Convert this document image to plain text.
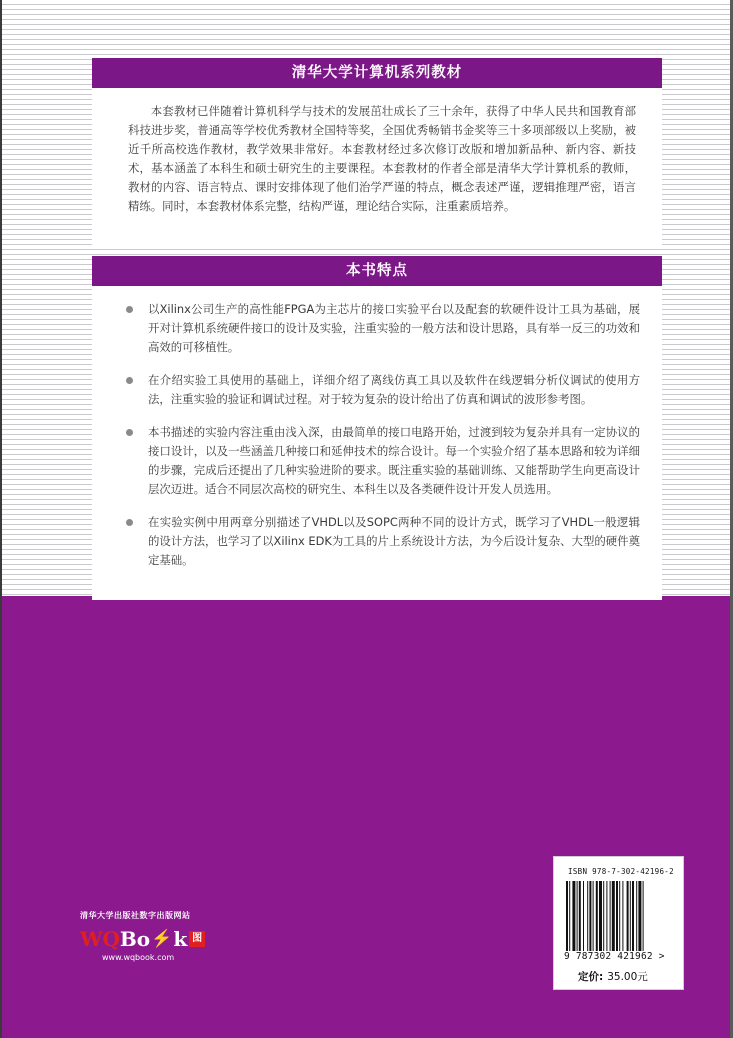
清华大学计算机系列教材

本套教材已伴随着计算机科学与技术的发展茁壮成长了三十余年，获得了中华人民共和国教育部科技进步奖，普通高等学校优秀教材全国特等奖，全国优秀畅销书金奖等三十多项部级以上奖励，被近千所高校选作教材，教学效果非常好。本套教材经过多次修订改版和增加新品种、新内容、新技术，基本涵盖了本科生和硕士研究生的主要课程。本套教材的作者全部是清华大学计算机系的教师，教材的内容、语言特点、课时安排体现了他们治学严谨的特点，概念表述严谨，逻辑推理严密，语言精练。同时，本套教材体系完整，结构严谨，理论结合实际，注重素质培养。

本书特点
以Xilinx公司生产的高性能FPGA为主芯片的接口实验平台以及配套的软硬件设计工具为基础，展开对计算机系统硬件接口的设计及实验，注重实验的一般方法和设计思路，具有举一反三的功效和高效的可移植性。
在介绍实验工具使用的基础上，详细介绍了离线仿真工具以及软件在线逻辑分析仪调试的使用方法，注重实验的验证和调试过程。对于较为复杂的设计给出了仿真和调试的波形参考图。
本书描述的实验内容注重由浅入深，由最简单的接口电路开始，过渡到较为复杂并具有一定协议的接口设计，以及一些涵盖几种接口和延伸技术的综合设计。每一个实验介绍了基本思路和较为详细的步骤，完成后还提出了几种实验进阶的要求。既注重实验的基础训练、又能帮助学生向更高设计层次迈进。适合不同层次高校的研究生、本科生以及各类硬件设计开发人员选用。
在实验实例中用两章分别描述了VHDL以及SOPC两种不同的设计方式，既学习了VHDL一般逻辑的设计方法，也学习了以Xilinx EDK为工具的片上系统设计方法，为今后设计复杂、大型的硬件奠定基础。
清华大学出版社数字出版网站
WQ Bo ⚡ k 图
www.wqbook.com
ISBN 978-7-302-42196-2
9 787302 421962 >
定价: 35.00元
